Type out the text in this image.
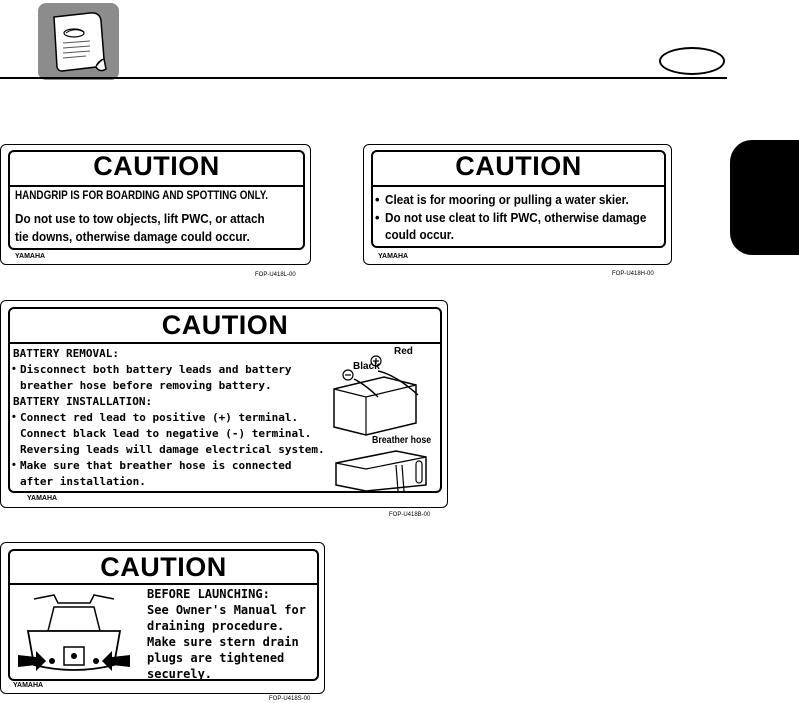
CAUTION
HANDGRIP IS FOR BOARDING AND SPOTTING ONLY.
Do not use to tow objects, lift PWC, or attach
tie downs, otherwise damage could occur.
YAMAHA
FOP-U418L-00
CAUTION
• Cleat is for mooring or pulling a water skier.
• Do not use cleat to lift PWC, otherwise damage
could occur.
YAMAHA
FOP-U418H-00
CAUTION
BATTERY REMOVAL:
• Disconnect both battery leads and battery
breather hose before removing battery.
BATTERY INSTALLATION:
• Connect red lead to positive (+) terminal.
Connect black lead to negative (-) terminal.
Reversing leads will damage electrical system.
• Make sure that breather hose is connected
after installation.
Red
Black
Breather hose
YAMAHA
FOP-U418B-00
CAUTION
BEFORE LAUNCHING:
See Owner's Manual for
draining procedure.
Make sure stern drain
plugs are tightened
securely.
YAMAHA
FOP-U418S-00
